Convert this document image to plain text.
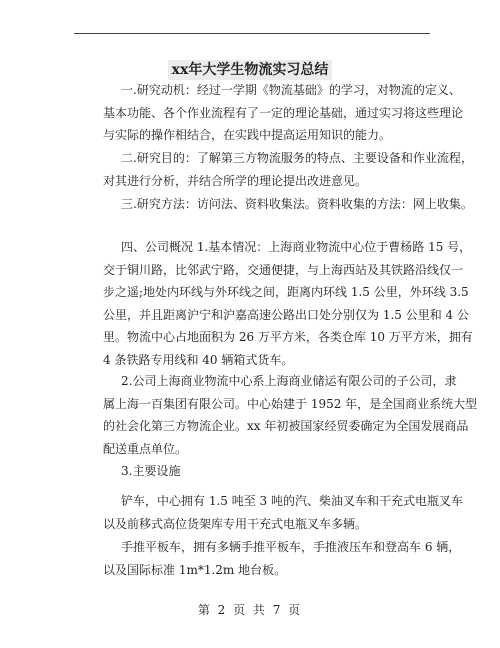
xx年大学生物流实习总结
一.研究动机：经过一学期《物流基础》的学习，对物流的定义、
基本功能、各个作业流程有了一定的理论基础，通过实习将这些理论
与实际的操作相结合，在实践中提高运用知识的能力。
二.研究目的：了解第三方物流服务的特点、主要设备和作业流程，
对其进行分析，并结合所学的理论提出改进意见。
三.研究方法：访问法、资料收集法。资料收集的方法：网上收集。
四、公司概况 1.基本情况：上海商业物流中心位于曹杨路 15 号，
交于铜川路，比邻武宁路，交通便捷，与上海西站及其铁路沿线仅一
步之遥;地处内环线与外环线之间，距离内环线 1.5 公里，外环线 3.5
公里，并且距离沪宁和沪嘉高速公路出口处分别仅为 1.5 公里和 4 公
里。物流中心占地面积为 26 万平方米，各类仓库 10 万平方米，拥有
4 条铁路专用线和 40 辆箱式货车。
2.公司上海商业物流中心系上海商业储运有限公司的子公司，隶
属上海一百集团有限公司。中心始建于 1952 年，是全国商业系统大型
的社会化第三方物流企业。xx 年初被国家经贸委确定为全国发展商品
配送重点单位。
3.主要设施
铲车，中心拥有 1.5 吨至 3 吨的汽、柴油叉车和干充式电瓶叉车
以及前移式高位货架库专用干充式电瓶叉车多辆。
手推平板车，拥有多辆手推平板车，手推液压车和登高车 6 辆，
以及国际标准 1m*1.2m 地台板。
第 2 页 共 7 页
